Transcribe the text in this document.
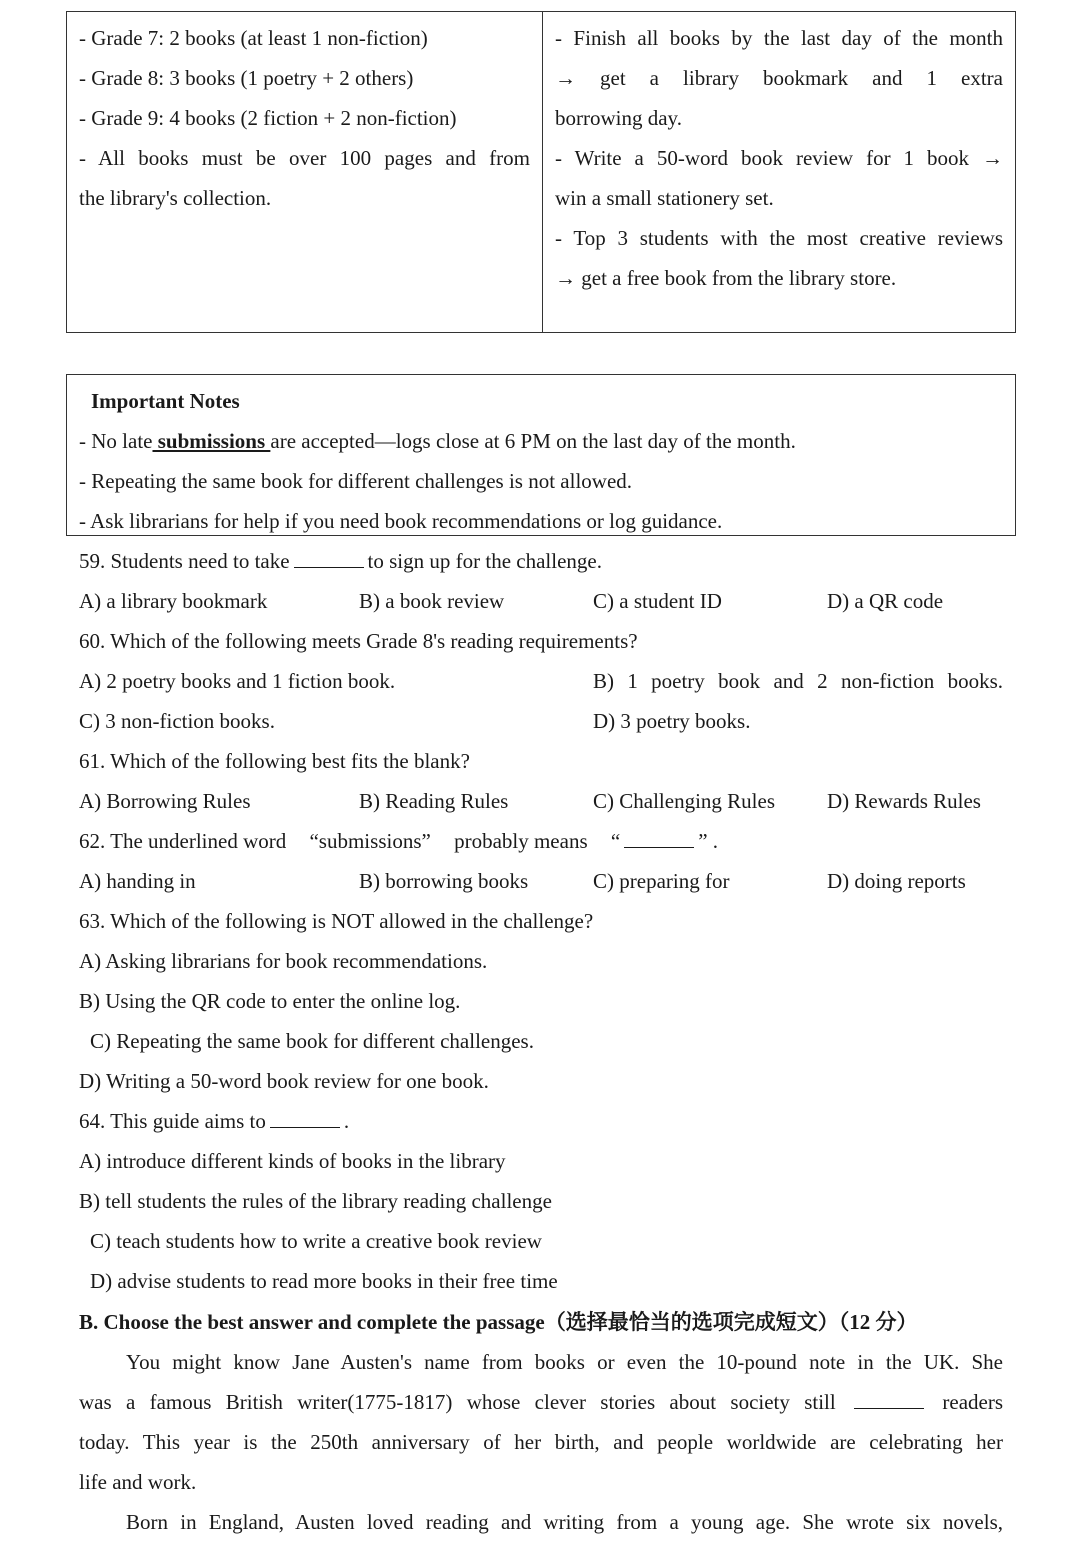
- Grade 7: 2 books (at least 1 non-fiction)
- Grade 8: 3 books (1 poetry + 2 others)
- Grade 9: 4 books (2 fiction + 2 non-fiction)
- All books must be over 100 pages and from
the library's collection.
- Finish all books by the last day of the month
→ get a library bookmark and 1 extra
borrowing day.
- Write a 50-word book review for 1 book →
win a small stationery set.
- Top 3 students with the most creative reviews
→ get a free book from the library store.
Important Notes
- No late submissions are accepted—logs close at 6 PM on the last day of the month.
- Repeating the same book for different challenges is not allowed.
- Ask librarians for help if you need book recommendations or log guidance.
59. Students need to take	to sign up for the challenge.
A) a library bookmark	B) a book review	C) a student ID	D) a QR code
60. Which of the following meets Grade 8's reading requirements?
A) 2 poetry books and 1 fiction book.	B) 1 poetry book and 2 non-fiction books.
C) 3 non-fiction books.	D) 3 poetry books.
61. Which of the following best fits the blank?
A) Borrowing Rules	B) Reading Rules	C) Challenging Rules D) Rewards Rules
62. The underlined word “submissions” probably means “	” .
A) handing in	B) borrowing books	C) preparing for	D) doing reports
63. Which of the following is NOT allowed in the challenge?
A) Asking librarians for book recommendations.
B) Using the QR code to enter the online log.
C) Repeating the same book for different challenges.
D) Writing a 50-word book review for one book.
64. This guide aims to	.
A) introduce different kinds of books in the library
B) tell students the rules of the library reading challenge
C) teach students how to write a creative book review
D) advise students to read more books in their free time
B. Choose the best answer and complete the passage（选择最恰当的选项完成短文）（12 分）
You might know Jane Austen's name from books or even the 10-pound note in the UK. She
was a famous British writer(1775-1817) whose clever stories about society still	readers
today. This year is the 250th anniversary of her birth, and people worldwide are celebrating her
life and work.
Born in England, Austen loved reading and writing from a young age. She wrote six novels,
